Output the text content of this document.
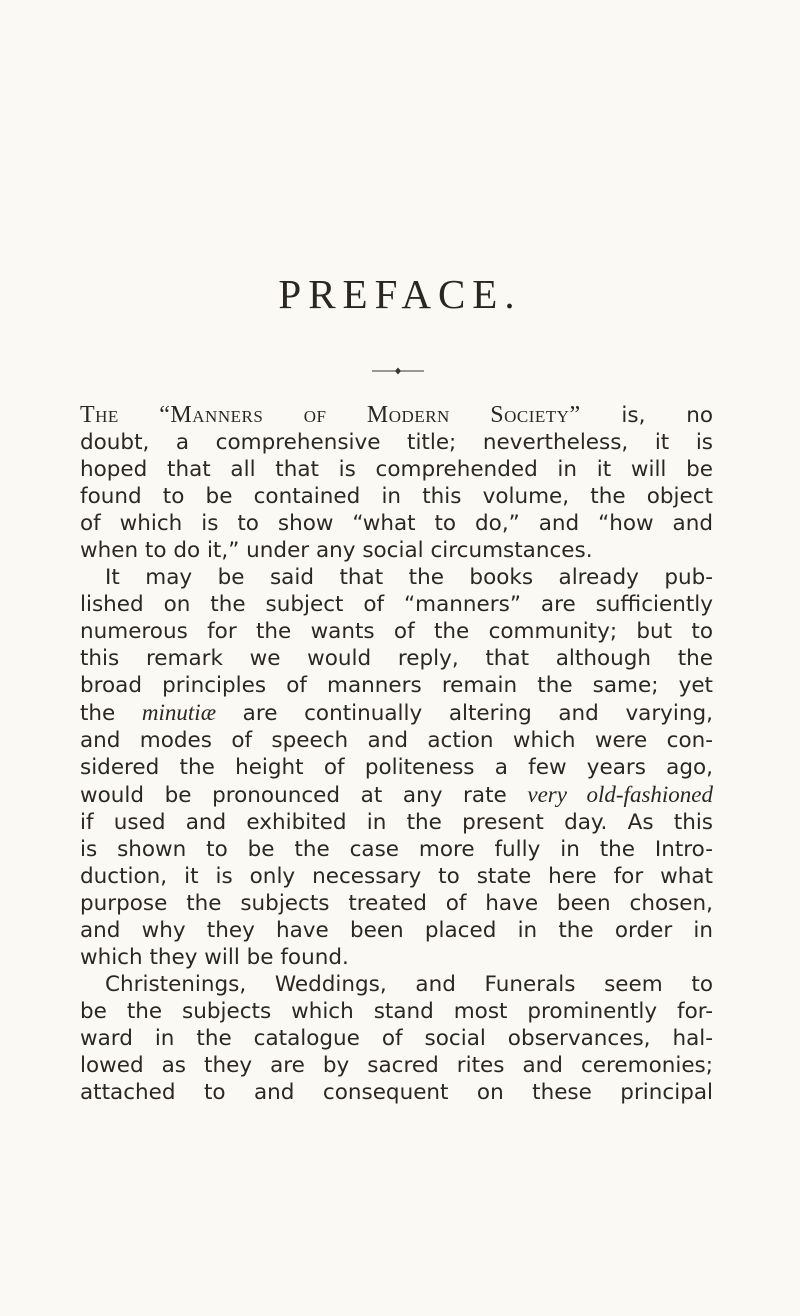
PREFACE.
The “Manners of Modern Society” is, no
doubt, a comprehensive title; nevertheless, it is
hoped that all that is comprehended in it will be
found to be contained in this volume, the object
of which is to show “what to do,” and “how and
when to do it,” under any social circumstances.
It may be said that the books already pub-
lished on the subject of “manners” are sufficiently
numerous for the wants of the community; but to
this remark we would reply, that although the
broad principles of manners remain the same; yet
the minutiæ are continually altering and varying,
and modes of speech and action which were con-
sidered the height of politeness a few years ago,
would be pronounced at any rate very old-fashioned
if used and exhibited in the present day. As this
is shown to be the case more fully in the Intro-
duction, it is only necessary to state here for what
purpose the subjects treated of have been chosen,
and why they have been placed in the order in
which they will be found.
Christenings, Weddings, and Funerals seem to
be the subjects which stand most prominently for-
ward in the catalogue of social observances, hal-
lowed as they are by sacred rites and ceremonies;
attached to and consequent on these principal
